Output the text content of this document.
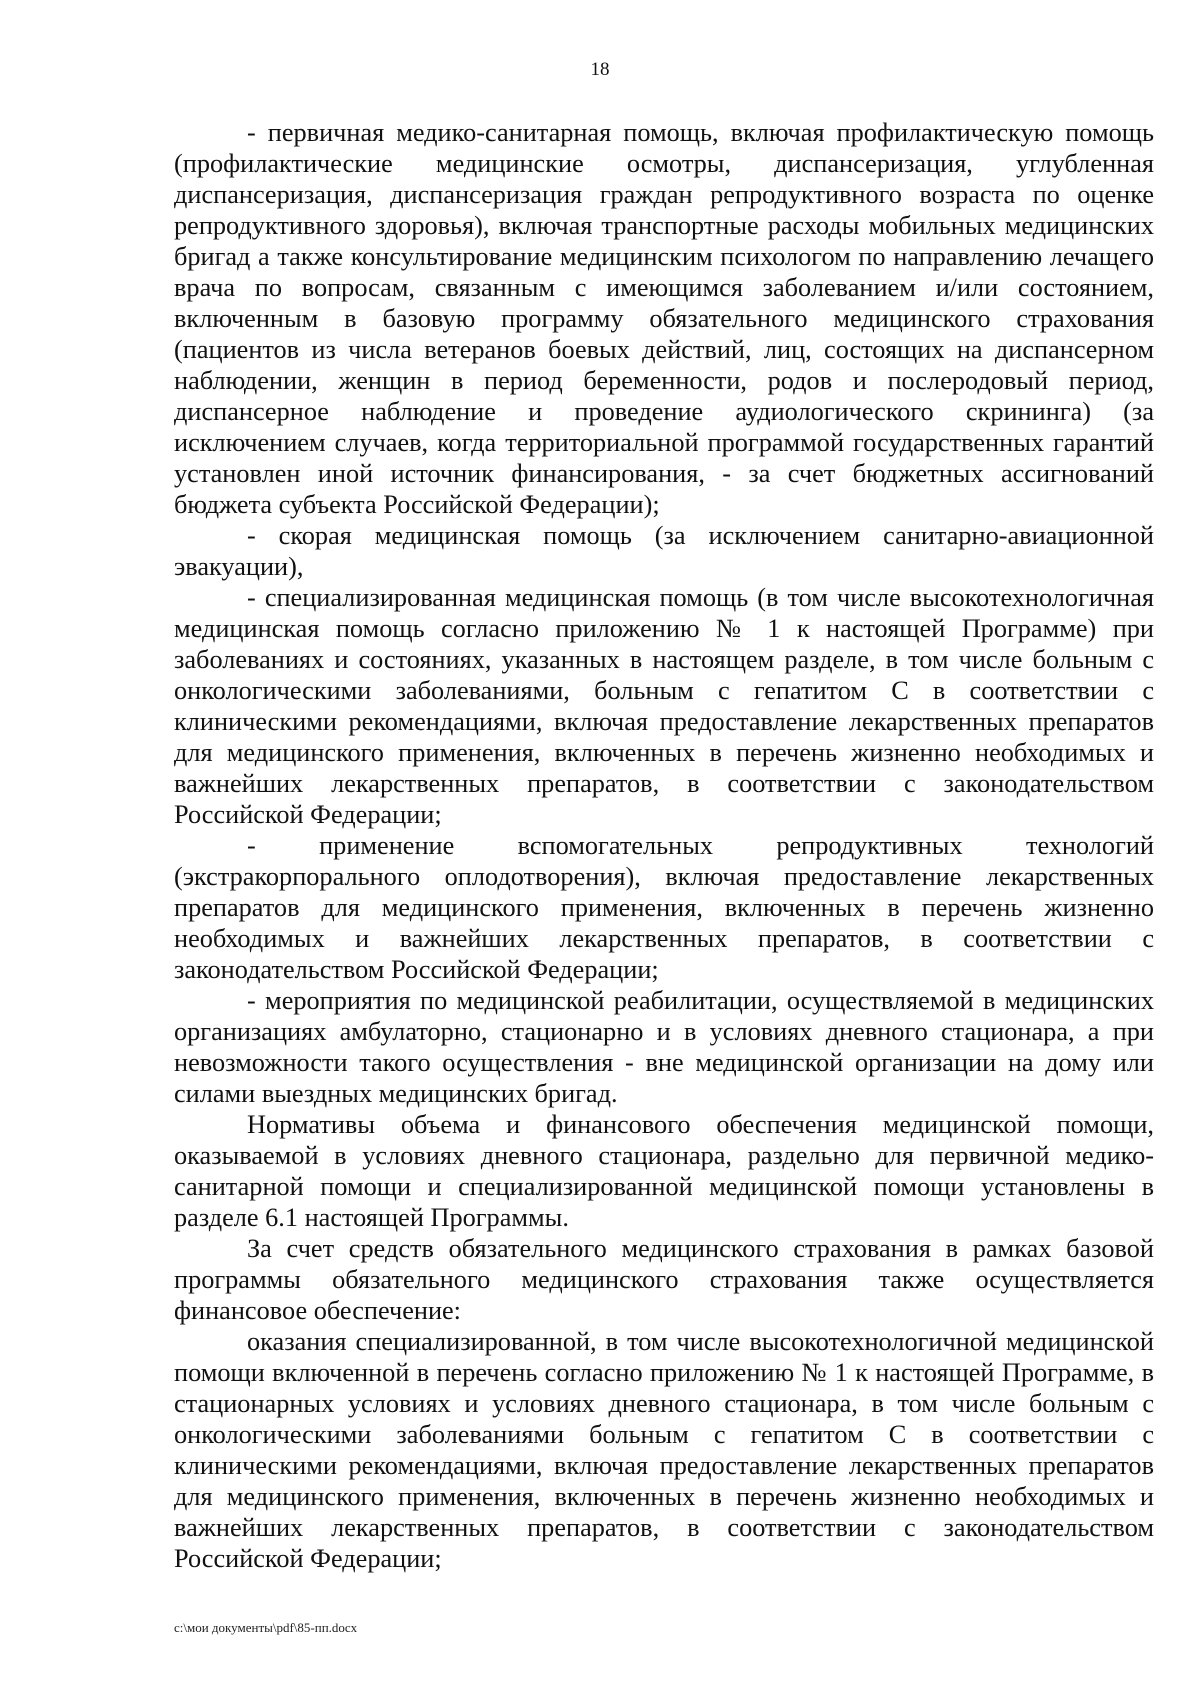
18

- первичная медико-санитарная помощь, включая профилактическую помощь (профилактические медицинские осмотры, диспансеризация, углубленная диспансеризация, диспансеризация граждан репродуктивного возраста по оценке репродуктивного здоровья), включая транспортные расходы мобильных медицинских бригад а также консультирование медицинским психологом по направлению лечащего врача по вопросам, связанным с имеющимся заболеванием и/или состоянием, включенным в базовую программу обязательного медицинского страхования (пациентов из числа ветеранов боевых действий, лиц, состоящих на диспансерном наблюдении, женщин в период беременности, родов и послеродовый период, диспансерное наблюдение и проведение аудиологического скрининга) (за исключением случаев, когда территориальной программой государственных гарантий установлен иной источник финансирования, - за счет бюджетных ассигнований бюджета субъекта Российской Федерации);

- скорая медицинская помощь (за исключением санитарно-авиационной эвакуации),

- специализированная медицинская помощь (в том числе высокотехнологичная медицинская помощь согласно приложению № 1 к настоящей Программе) при заболеваниях и состояниях, указанных в настоящем разделе, в том числе больным с онкологическими заболеваниями, больным с гепатитом С в соответствии с клиническими рекомендациями, включая предоставление лекарственных препаратов для медицинского применения, включенных в перечень жизненно необходимых и важнейших лекарственных препаратов, в соответствии с законодательством Российской Федерации;

- применение вспомогательных репродуктивных технологий (экстракорпорального оплодотворения), включая предоставление лекарственных препаратов для медицинского применения, включенных в перечень жизненно необходимых и важнейших лекарственных препаратов, в соответствии с законодательством Российской Федерации;

- мероприятия по медицинской реабилитации, осуществляемой в медицинских организациях амбулаторно, стационарно и в условиях дневного стационара, а при невозможности такого осуществления - вне медицинской организации на дому или силами выездных медицинских бригад.

Нормативы объема и финансового обеспечения медицинской помощи, оказываемой в условиях дневного стационара, раздельно для первичной медико-санитарной помощи и специализированной медицинской помощи установлены в разделе 6.1 настоящей Программы.

За счет средств обязательного медицинского страхования в рамках базовой программы обязательного медицинского страхования также осуществляется финансовое обеспечение:

оказания специализированной, в том числе высокотехнологичной медицинской помощи включенной в перечень согласно приложению № 1 к настоящей Программе, в стационарных условиях и условиях дневного стационара, в том числе больным с онкологическими заболеваниями больным с гепатитом С в соответствии с клиническими рекомендациями, включая предоставление лекарственных препаратов для медицинского применения, включенных в перечень жизненно необходимых и важнейших лекарственных препаратов, в соответствии с законодательством Российской Федерации;

c:\мои документы\pdf\85-пп.docx
